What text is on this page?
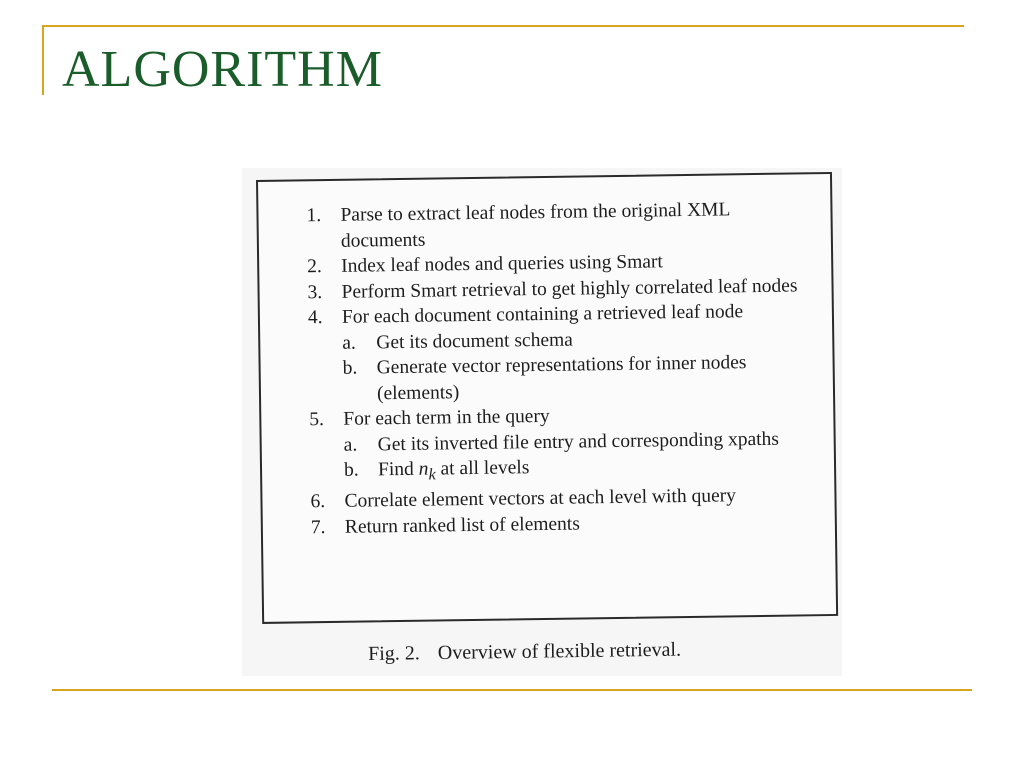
ALGORITHM
1. Parse to extract leaf nodes from the original XML documents
2. Index leaf nodes and queries using Smart
3. Perform Smart retrieval to get highly correlated leaf nodes
4. For each document containing a retrieved leaf node
a.	Get its document schema
b. Generate vector representations for inner nodes (elements)
5. For each term in the query
a.	Get its inverted file entry and corresponding xpaths
b. Find $n_k$ at all levels
6. Correlate element vectors at each level with query
7. Return ranked list of elements
Fig. 2. Overview of flexible retrieval.
